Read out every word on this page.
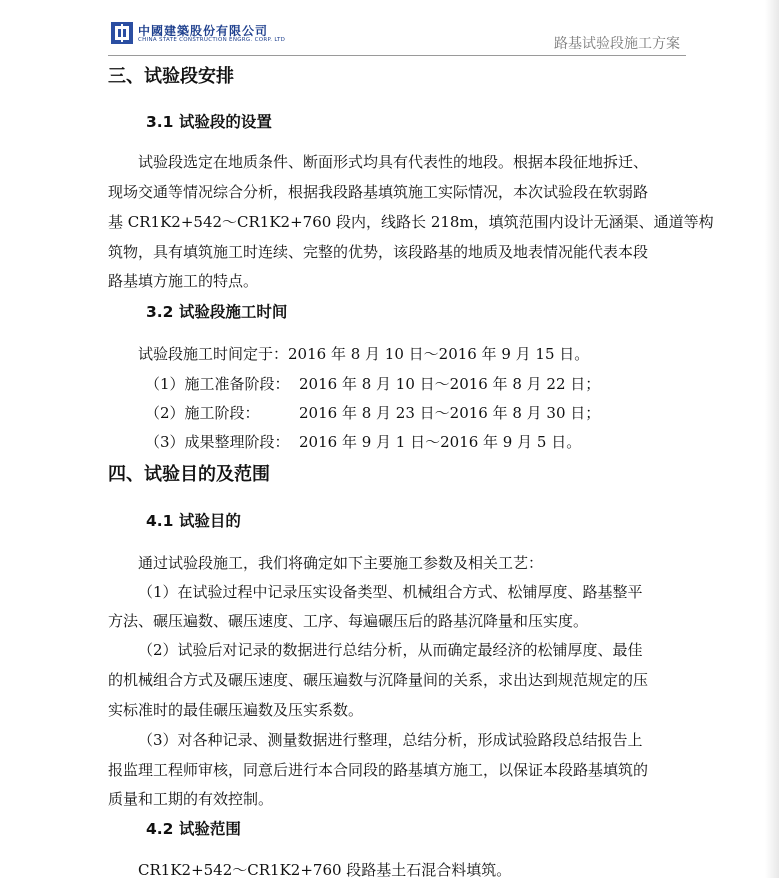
中國建築股份有限公司
CHINA STATE CONSTRUCTION ENGRG. CORP. LTD	路基试验段施工方案
三、试验段安排
3.1 试验段的设置
试验段选定在地质条件、断面形式均具有代表性的地段。根据本段征地拆迁、
现场交通等情况综合分析，根据我段路基填筑施工实际情况，本次试验段在软弱路
基 CR1K2+542～CR1K2+760 段内，线路长 218m，填筑范围内设计无涵渠、通道等构
筑物，具有填筑施工时连续、完整的优势，该段路基的地质及地表情况能代表本段
路基填方施工的特点。
3.2 试验段施工时间
试验段施工时间定于：2016 年 8 月 10 日～2016 年 9 月 15 日。
（1）施工准备阶段： 2016 年 8 月 10 日～2016 年 8 月 22 日；
（2）施工阶段：	2016 年 8 月 23 日～2016 年 8 月 30 日；
（3）成果整理阶段： 2016 年 9 月 1 日～2016 年 9 月 5 日。
四、试验目的及范围
4.1 试验目的
通过试验段施工，我们将确定如下主要施工参数及相关工艺：
（1）在试验过程中记录压实设备类型、机械组合方式、松铺厚度、路基整平
方法、碾压遍数、碾压速度、工序、每遍碾压后的路基沉降量和压实度。
（2）试验后对记录的数据进行总结分析，从而确定最经济的松铺厚度、最佳
的机械组合方式及碾压速度、碾压遍数与沉降量间的关系，求出达到规范规定的压
实标准时的最佳碾压遍数及压实系数。
（3）对各种记录、测量数据进行整理，总结分析，形成试验路段总结报告上
报监理工程师审核，同意后进行本合同段的路基填方施工，以保证本段路基填筑的
质量和工期的有效控制。
4.2 试验范围
CR1K2+542～CR1K2+760 段路基土石混合料填筑。
